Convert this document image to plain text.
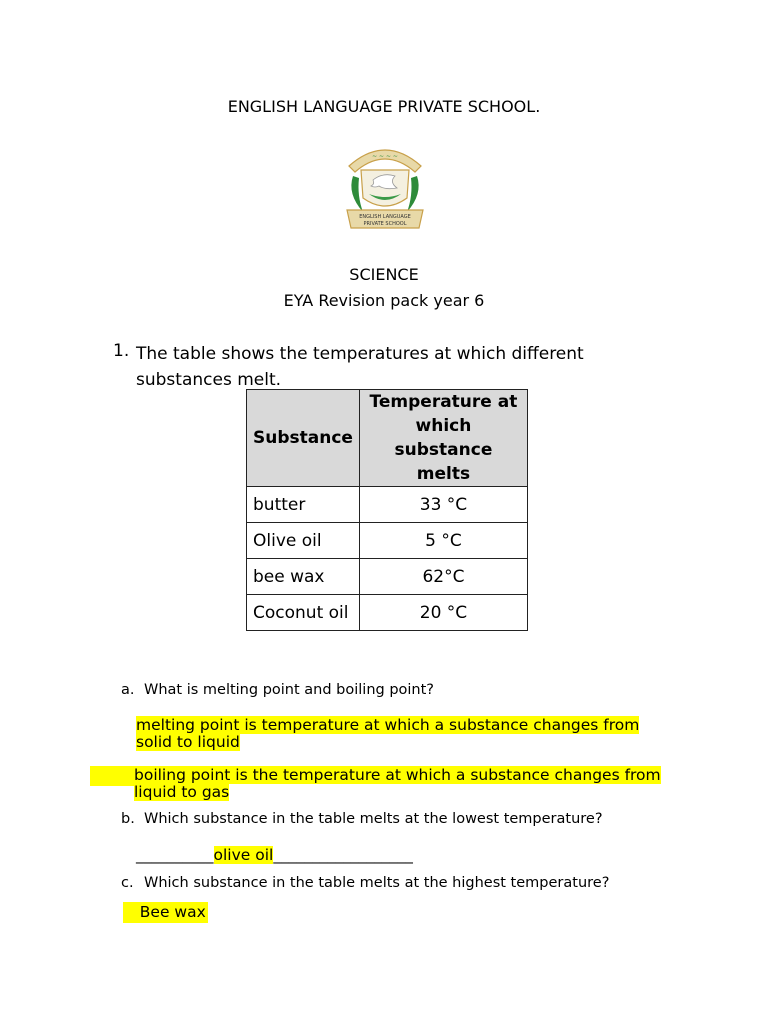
ENGLISH LANGUAGE PRIVATE SCHOOL.
~ ~ ~ ~
ENGLISH LANGUAGE
PRIVATE SCHOOL
SCIENCE
EYA Revision pack year 6
1. The table shows the temperatures at which different substances melt.
Substance	Temperature at which substance melts
butter	33 °C
Olive oil	5 °C
bee wax	62°C
Coconut oil	20 °C
a. What is melting point and boiling point?
melting point is temperature at which a substance changes from solid to liquid
boiling point is the temperature at which a substance changes from liquid to gas
b. Which substance in the table melts at the lowest temperature?
__________olive oil__________________
c. Which substance in the table melts at the highest temperature?
Bee wax
